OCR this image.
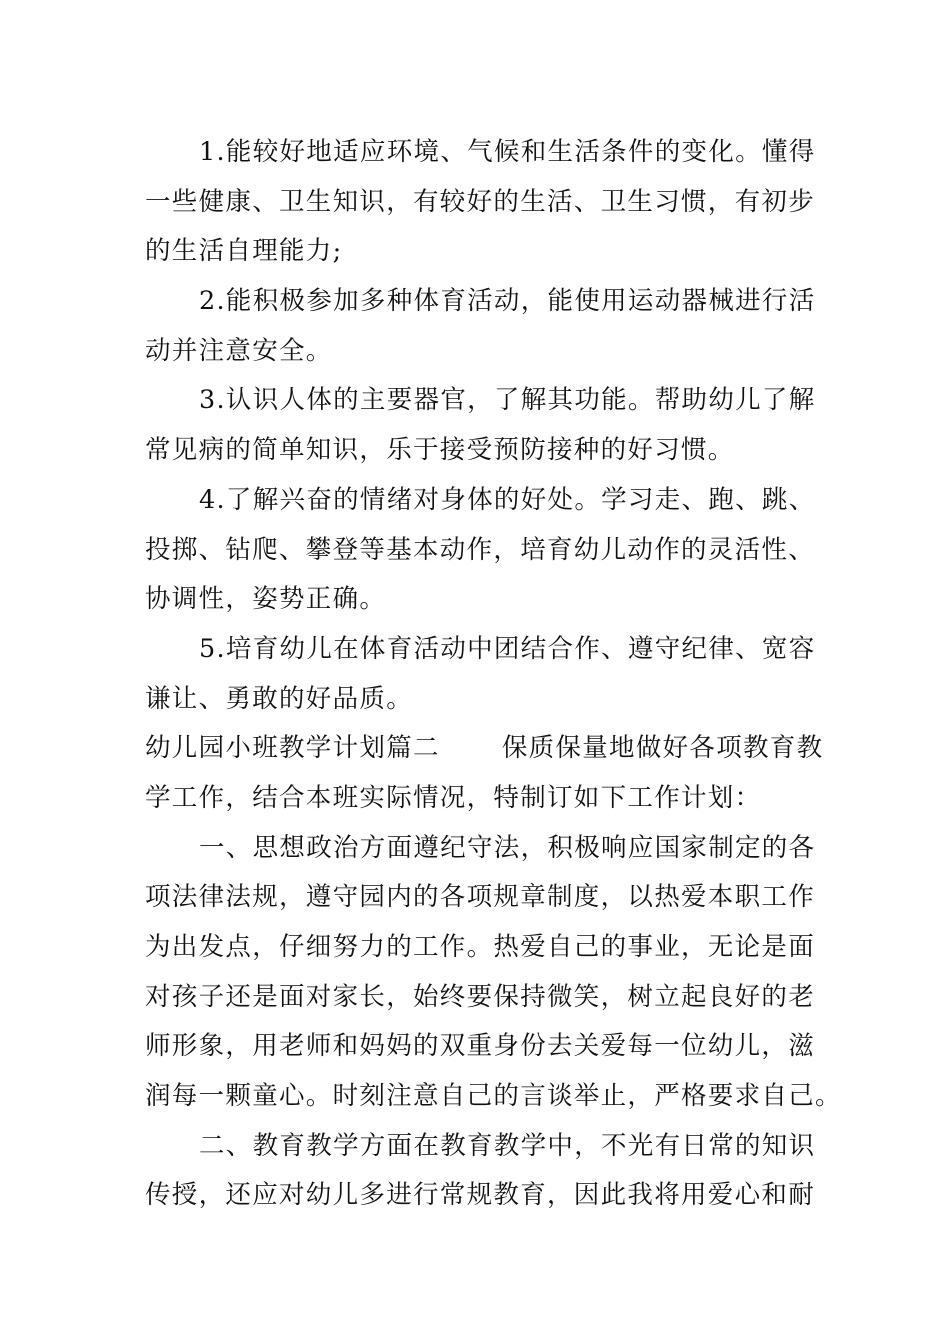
1.能较好地适应环境、气候和生活条件的变化。懂得
一些健康、卫生知识，有较好的生活、卫生习惯，有初步
的生活自理能力;
2.能积极参加多种体育活动，能使用运动器械进行活
动并注意安全。
3.认识人体的主要器官，了解其功能。帮助幼儿了解
常见病的简单知识，乐于接受预防接种的好习惯。
4.了解兴奋的情绪对身体的好处。学习走、跑、跳、
投掷、钻爬、攀登等基本动作，培育幼儿动作的灵活性、
协调性，姿势正确。
5.培育幼儿在体育活动中团结合作、遵守纪律、宽容
谦让、勇敢的好品质。
幼儿园小班教学计划篇二 保质保量地做好各项教育教
学工作，结合本班实际情况，特制订如下工作计划：
一、思想政治方面遵纪守法，积极响应国家制定的各
项法律法规，遵守园内的各项规章制度，以热爱本职工作
为出发点，仔细努力的工作。热爱自己的事业，无论是面
对孩子还是面对家长，始终要保持微笑，树立起良好的老
师形象，用老师和妈妈的双重身份去关爱每一位幼儿，滋
润每一颗童心。时刻注意自己的言谈举止，严格要求自己。
二、教育教学方面在教育教学中，不光有日常的知识
传授，还应对幼儿多进行常规教育，因此我将用爱心和耐
